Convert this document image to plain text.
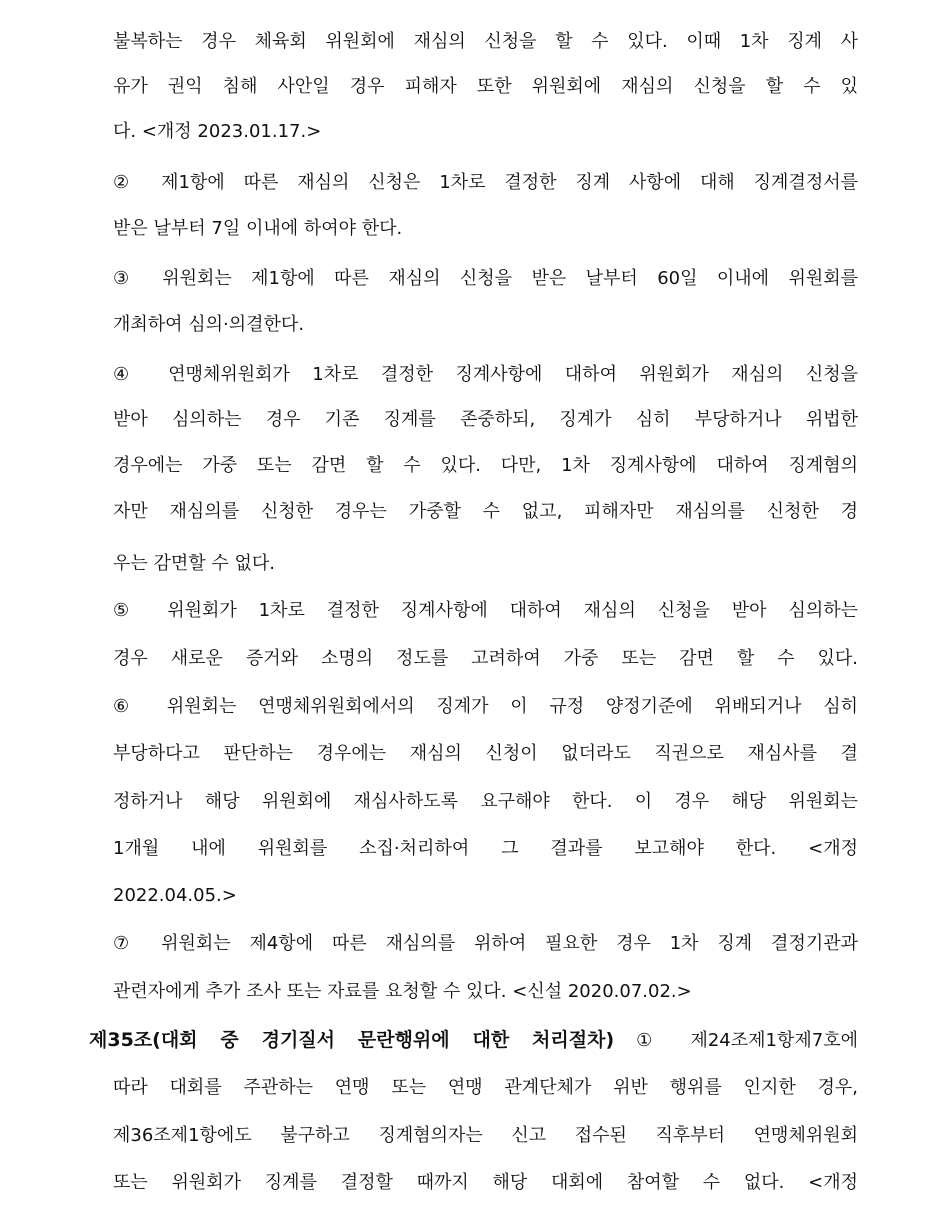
불복하는 경우 체육회 위원회에 재심의 신청을 할 수 있다. 이때 1차 징계 사
유가 권익 침해 사안일 경우 피해자 또한 위원회에 재심의 신청을 할 수 있
다. <개정 2023.01.17.>
② 제1항에 따른 재심의 신청은 1차로 결정한 징계 사항에 대해 징계결정서를
받은 날부터 7일 이내에 하여야 한다.
③ 위원회는 제1항에 따른 재심의 신청을 받은 날부터 60일 이내에 위원회를
개최하여 심의·의결한다.
④ 연맹체위원회가 1차로 결정한 징계사항에 대하여 위원회가 재심의 신청을
받아 심의하는 경우 기존 징계를 존중하되, 징계가 심히 부당하거나 위법한
경우에는 가중 또는 감면 할 수 있다. 다만, 1차 징계사항에 대하여 징계혐의
자만 재심의를 신청한 경우는 가중할 수 없고, 피해자만 재심의를 신청한 경
우는 감면할 수 없다.
⑤ 위원회가 1차로 결정한 징계사항에 대하여 재심의 신청을 받아 심의하는
경우 새로운 증거와 소명의 정도를 고려하여 가중 또는 감면 할 수 있다.
⑥ 위원회는 연맹체위원회에서의 징계가 이 규정 양정기준에 위배되거나 심히
부당하다고 판단하는 경우에는 재심의 신청이 없더라도 직권으로 재심사를 결
정하거나 해당 위원회에 재심사하도록 요구해야 한다. 이 경우 해당 위원회는
1개월 내에 위원회를 소집·처리하여 그 결과를 보고해야 한다. <개정
2022.04.05.>
⑦ 위원회는 제4항에 따른 재심의를 위하여 필요한 경우 1차 징계 결정기관과
관련자에게 추가 조사 또는 자료를 요청할 수 있다. <신설 2020.07.02.>
제35조(대회 중 경기질서 문란행위에 대한 처리절차) ① 제24조제1항제7호에
따라 대회를 주관하는 연맹 또는 연맹 관계단체가 위반 행위를 인지한 경우,
제36조제1항에도 불구하고 징계혐의자는 신고 접수된 직후부터 연맹체위원회
또는 위원회가 징계를 결정할 때까지 해당 대회에 참여할 수 없다. <개정
